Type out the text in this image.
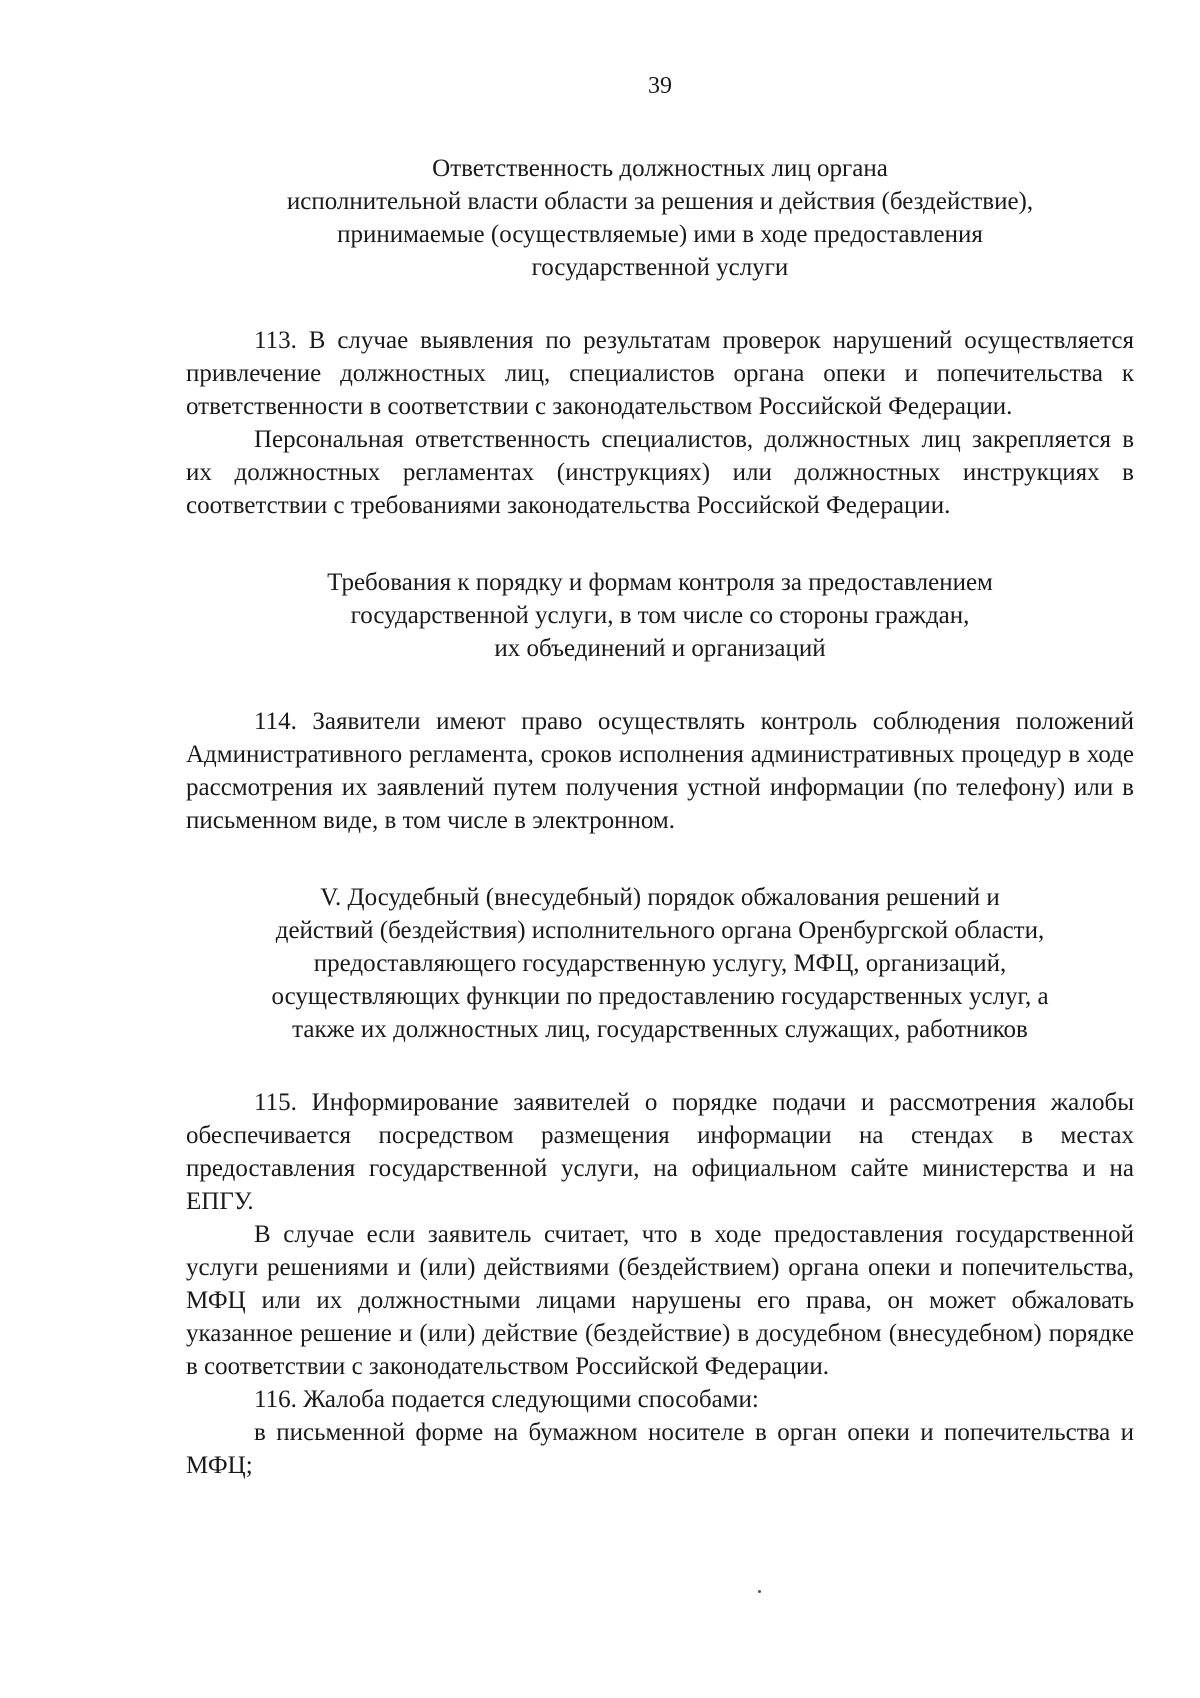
39
Ответственность должностных лиц органа
исполнительной власти области за решения и действия (бездействие),
принимаемые (осуществляемые) ими в ходе предоставления
государственной услуги

113. В случае выявления по результатам проверок нарушений осуществляется привлечение должностных лиц, специалистов органа опеки и попечительства к ответственности в соответствии с законодательством Российской Федерации.

Персональная ответственность специалистов, должностных лиц закрепляется в их должностных регламентах (инструкциях) или должностных инструкциях в соответствии с требованиями законодательства Российской Федерации.

Требования к порядку и формам контроля за предоставлением
государственной услуги, в том числе со стороны граждан,
их объединений и организаций

114. Заявители имеют право осуществлять контроль соблюдения положений Административного регламента, сроков исполнения административных процедур в ходе рассмотрения их заявлений путем получения устной информации (по телефону) или в письменном виде, в том числе в электронном.

V. Досудебный (внесудебный) порядок обжалования решений и
действий (бездействия) исполнительного органа Оренбургской области,
предоставляющего государственную услугу, МФЦ, организаций,
осуществляющих функции по предоставлению государственных услуг, а
также их должностных лиц, государственных служащих, работников

115. Информирование заявителей о порядке подачи и рассмотрения жалобы обеспечивается посредством размещения информации на стендах в местах предоставления государственной услуги, на официальном сайте министерства и на ЕПГУ.

В случае если заявитель считает, что в ходе предоставления государственной услуги решениями и (или) действиями (бездействием) органа опеки и попечительства, МФЦ или их должностными лицами нарушены его права, он может обжаловать указанное решение и (или) действие (бездействие) в досудебном (внесудебном) порядке в соответствии с законодательством Российской Федерации.

116. Жалоба подается следующими способами:

в письменной форме на бумажном носителе в орган опеки и попечительства и МФЦ;
